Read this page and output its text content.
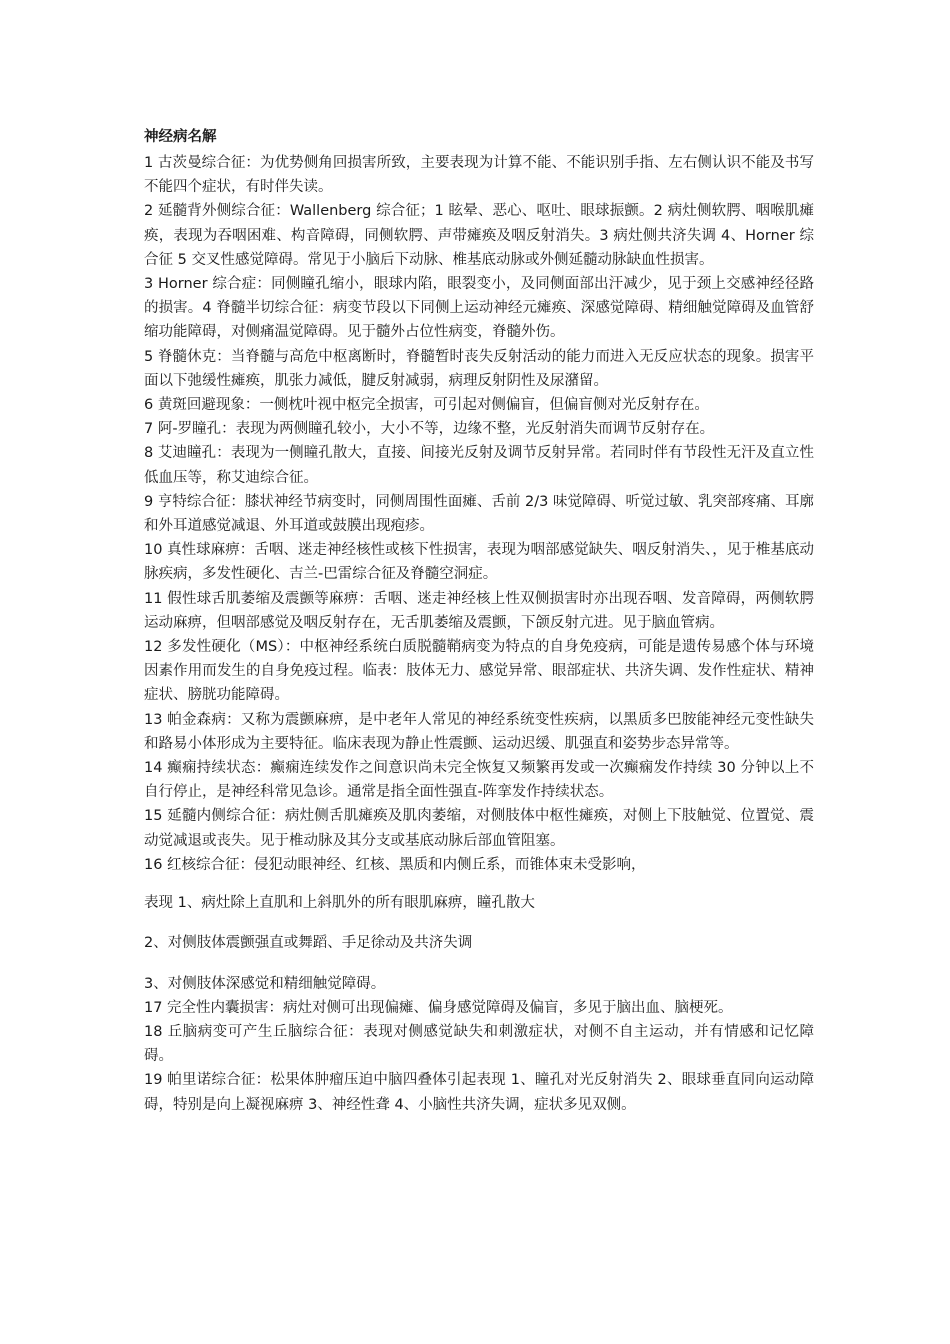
神经病名解

1 古茨曼综合征：为优势侧角回损害所致，主要表现为计算不能、不能识别手指、左右侧认识不能及书写不能四个症状，有时伴失读。

2 延髓背外侧综合征：Wallenberg 综合征；1 眩晕、恶心、呕吐、眼球振颤。2 病灶侧软腭、咽喉肌瘫痪，表现为吞咽困难、构音障碍，同侧软腭、声带瘫痪及咽反射消失。3 病灶侧共济失调 4、Horner 综合征 5 交叉性感觉障碍。常见于小脑后下动脉、椎基底动脉或外侧延髓动脉缺血性损害。

3 Horner 综合症：同侧瞳孔缩小，眼球内陷，眼裂变小，及同侧面部出汗减少，见于颈上交感神经径路的损害。4 脊髓半切综合征：病变节段以下同侧上运动神经元瘫痪、深感觉障碍、精细触觉障碍及血管舒缩功能障碍，对侧痛温觉障碍。见于髓外占位性病变，脊髓外伤。

5 脊髓休克：当脊髓与高危中枢离断时，脊髓暂时丧失反射活动的能力而进入无反应状态的现象。损害平面以下弛缓性瘫痪，肌张力减低，腱反射减弱，病理反射阴性及尿潴留。

6 黄斑回避现象：一侧枕叶视中枢完全损害，可引起对侧偏盲，但偏盲侧对光反射存在。

7 阿-罗瞳孔：表现为两侧瞳孔较小，大小不等，边缘不整，光反射消失而调节反射存在。

8 艾迪瞳孔：表现为一侧瞳孔散大，直接、间接光反射及调节反射异常。若同时伴有节段性无汗及直立性低血压等，称艾迪综合征。

9 亨特综合征：膝状神经节病变时，同侧周围性面瘫、舌前 2/3 味觉障碍、听觉过敏、乳突部疼痛、耳廓和外耳道感觉减退、外耳道或鼓膜出现疱疹。

10 真性球麻痹：舌咽、迷走神经核性或核下性损害，表现为咽部感觉缺失、咽反射消失、，见于椎基底动脉疾病，多发性硬化、吉兰-巴雷综合征及脊髓空洞症。

11 假性球舌肌萎缩及震颤等麻痹：舌咽、迷走神经核上性双侧损害时亦出现吞咽、发音障碍，两侧软腭运动麻痹，但咽部感觉及咽反射存在，无舌肌萎缩及震颤，下颌反射亢进。见于脑血管病。

12 多发性硬化（MS）：中枢神经系统白质脱髓鞘病变为特点的自身免疫病，可能是遗传易感个体与环境因素作用而发生的自身免疫过程。临表：肢体无力、感觉异常、眼部症状、共济失调、发作性症状、精神症状、膀胱功能障碍。

13 帕金森病：又称为震颤麻痹，是中老年人常见的神经系统变性疾病，以黑质多巴胺能神经元变性缺失和路易小体形成为主要特征。临床表现为静止性震颤、运动迟缓、肌强直和姿势步态异常等。

14 癫痫持续状态：癫痫连续发作之间意识尚未完全恢复又频繁再发或一次癫痫发作持续 30 分钟以上不自行停止，是神经科常见急诊。通常是指全面性强直-阵挛发作持续状态。

15 延髓内侧综合征：病灶侧舌肌瘫痪及肌肉萎缩，对侧肢体中枢性瘫痪，对侧上下肢触觉、位置觉、震动觉减退或丧失。见于椎动脉及其分支或基底动脉后部血管阻塞。

16 红核综合征：侵犯动眼神经、红核、黑质和内侧丘系，而锥体束未受影响，

表现 1、病灶除上直肌和上斜肌外的所有眼肌麻痹，瞳孔散大

2、对侧肢体震颤强直或舞蹈、手足徐动及共济失调

3、对侧肢体深感觉和精细触觉障碍。

17 完全性内囊损害：病灶对侧可出现偏瘫、偏身感觉障碍及偏盲，多见于脑出血、脑梗死。

18 丘脑病变可产生丘脑综合征：表现对侧感觉缺失和刺激症状，对侧不自主运动，并有情感和记忆障碍。

19 帕里诺综合征：松果体肿瘤压迫中脑四叠体引起表现 1、瞳孔对光反射消失 2、眼球垂直同向运动障碍，特别是向上凝视麻痹 3、神经性聋 4、小脑性共济失调，症状多见双侧。
